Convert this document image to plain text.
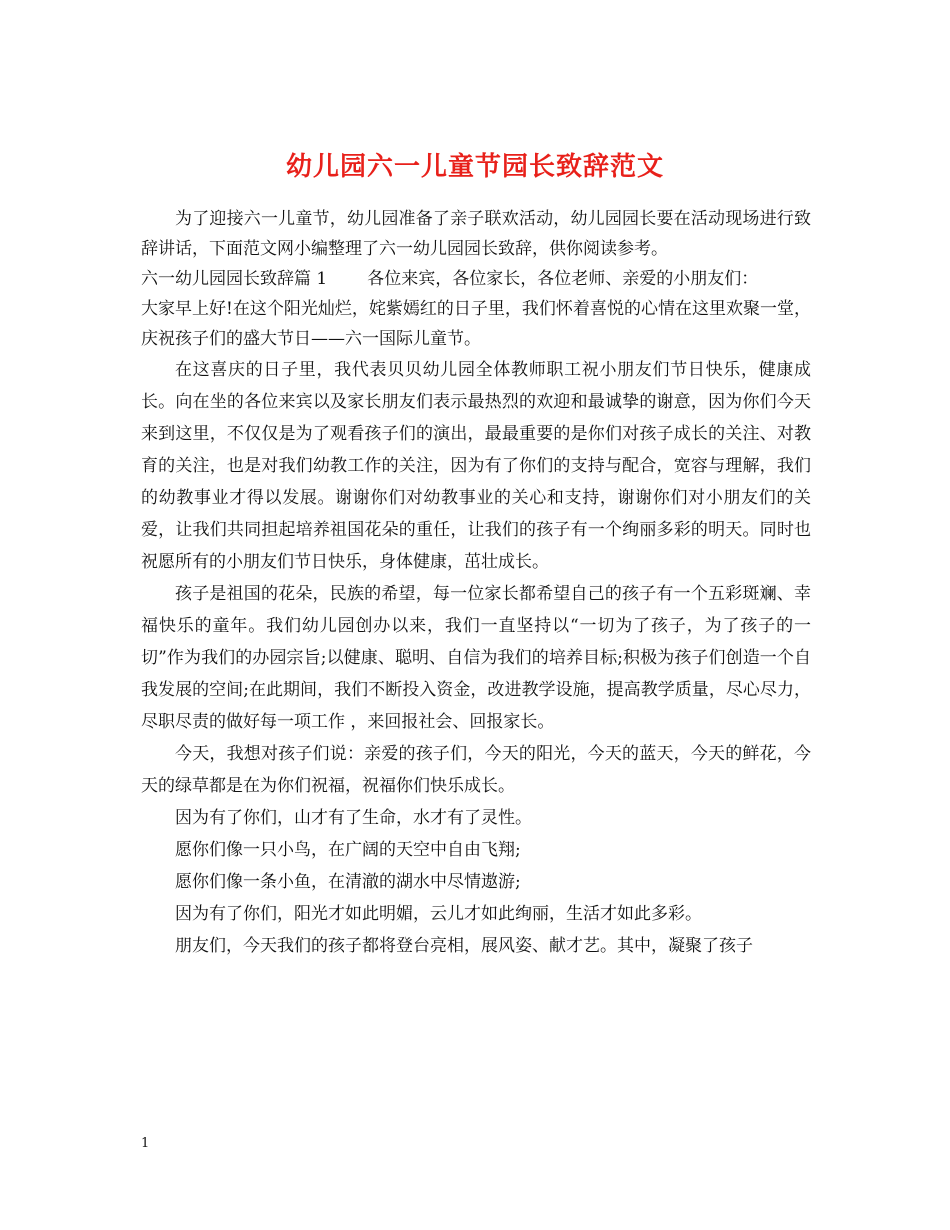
幼儿园六一儿童节园长致辞范文

为了迎接六一儿童节，幼儿园准备了亲子联欢活动，幼儿园园长要在活动现场进行致辞讲话，下面范文网小编整理了六一幼儿园园长致辞，供你阅读参考。

六一幼儿园园长致辞篇 1 各位来宾，各位家长，各位老师、亲爱的小朋友们：

大家早上好!在这个阳光灿烂，姹紫嫣红的日子里，我们怀着喜悦的心情在这里欢聚一堂，庆祝孩子们的盛大节日——六一国际儿童节。

在这喜庆的日子里，我代表贝贝幼儿园全体教师职工祝小朋友们节日快乐，健康成长。向在坐的各位来宾以及家长朋友们表示最热烈的欢迎和最诚挚的谢意，因为你们今天来到这里，不仅仅是为了观看孩子们的演出，最最重要的是你们对孩子成长的关注、对教育的关注，也是对我们幼教工作的关注，因为有了你们的支持与配合，宽容与理解，我们的幼教事业才得以发展。谢谢你们对幼教事业的关心和支持，谢谢你们对小朋友们的关爱，让我们共同担起培养祖国花朵的重任，让我们的孩子有一个绚丽多彩的明天。同时也祝愿所有的小朋友们节日快乐，身体健康，茁壮成长。

孩子是祖国的花朵，民族的希望，每一位家长都希望自己的孩子有一个五彩斑斓、幸福快乐的童年。我们幼儿园创办以来，我们一直坚持以“一切为了孩子，为了孩子的一切”作为我们的办园宗旨;以健康、聪明、自信为我们的培养目标;积极为孩子们创造一个自我发展的空间;在此期间，我们不断投入资金，改进教学设施，提高教学质量，尽心尽力，尽职尽责的做好每一项工作 ，来回报社会、回报家长。

今天，我想对孩子们说：亲爱的孩子们，今天的阳光，今天的蓝天，今天的鲜花，今天的绿草都是在为你们祝福，祝福你们快乐成长。

因为有了你们，山才有了生命，水才有了灵性。

愿你们像一只小鸟，在广阔的天空中自由飞翔;

愿你们像一条小鱼，在清澈的湖水中尽情遨游;

因为有了你们，阳光才如此明媚，云儿才如此绚丽，生活才如此多彩。

朋友们，今天我们的孩子都将登台亮相，展风姿、献才艺。其中，凝聚了孩子

1
